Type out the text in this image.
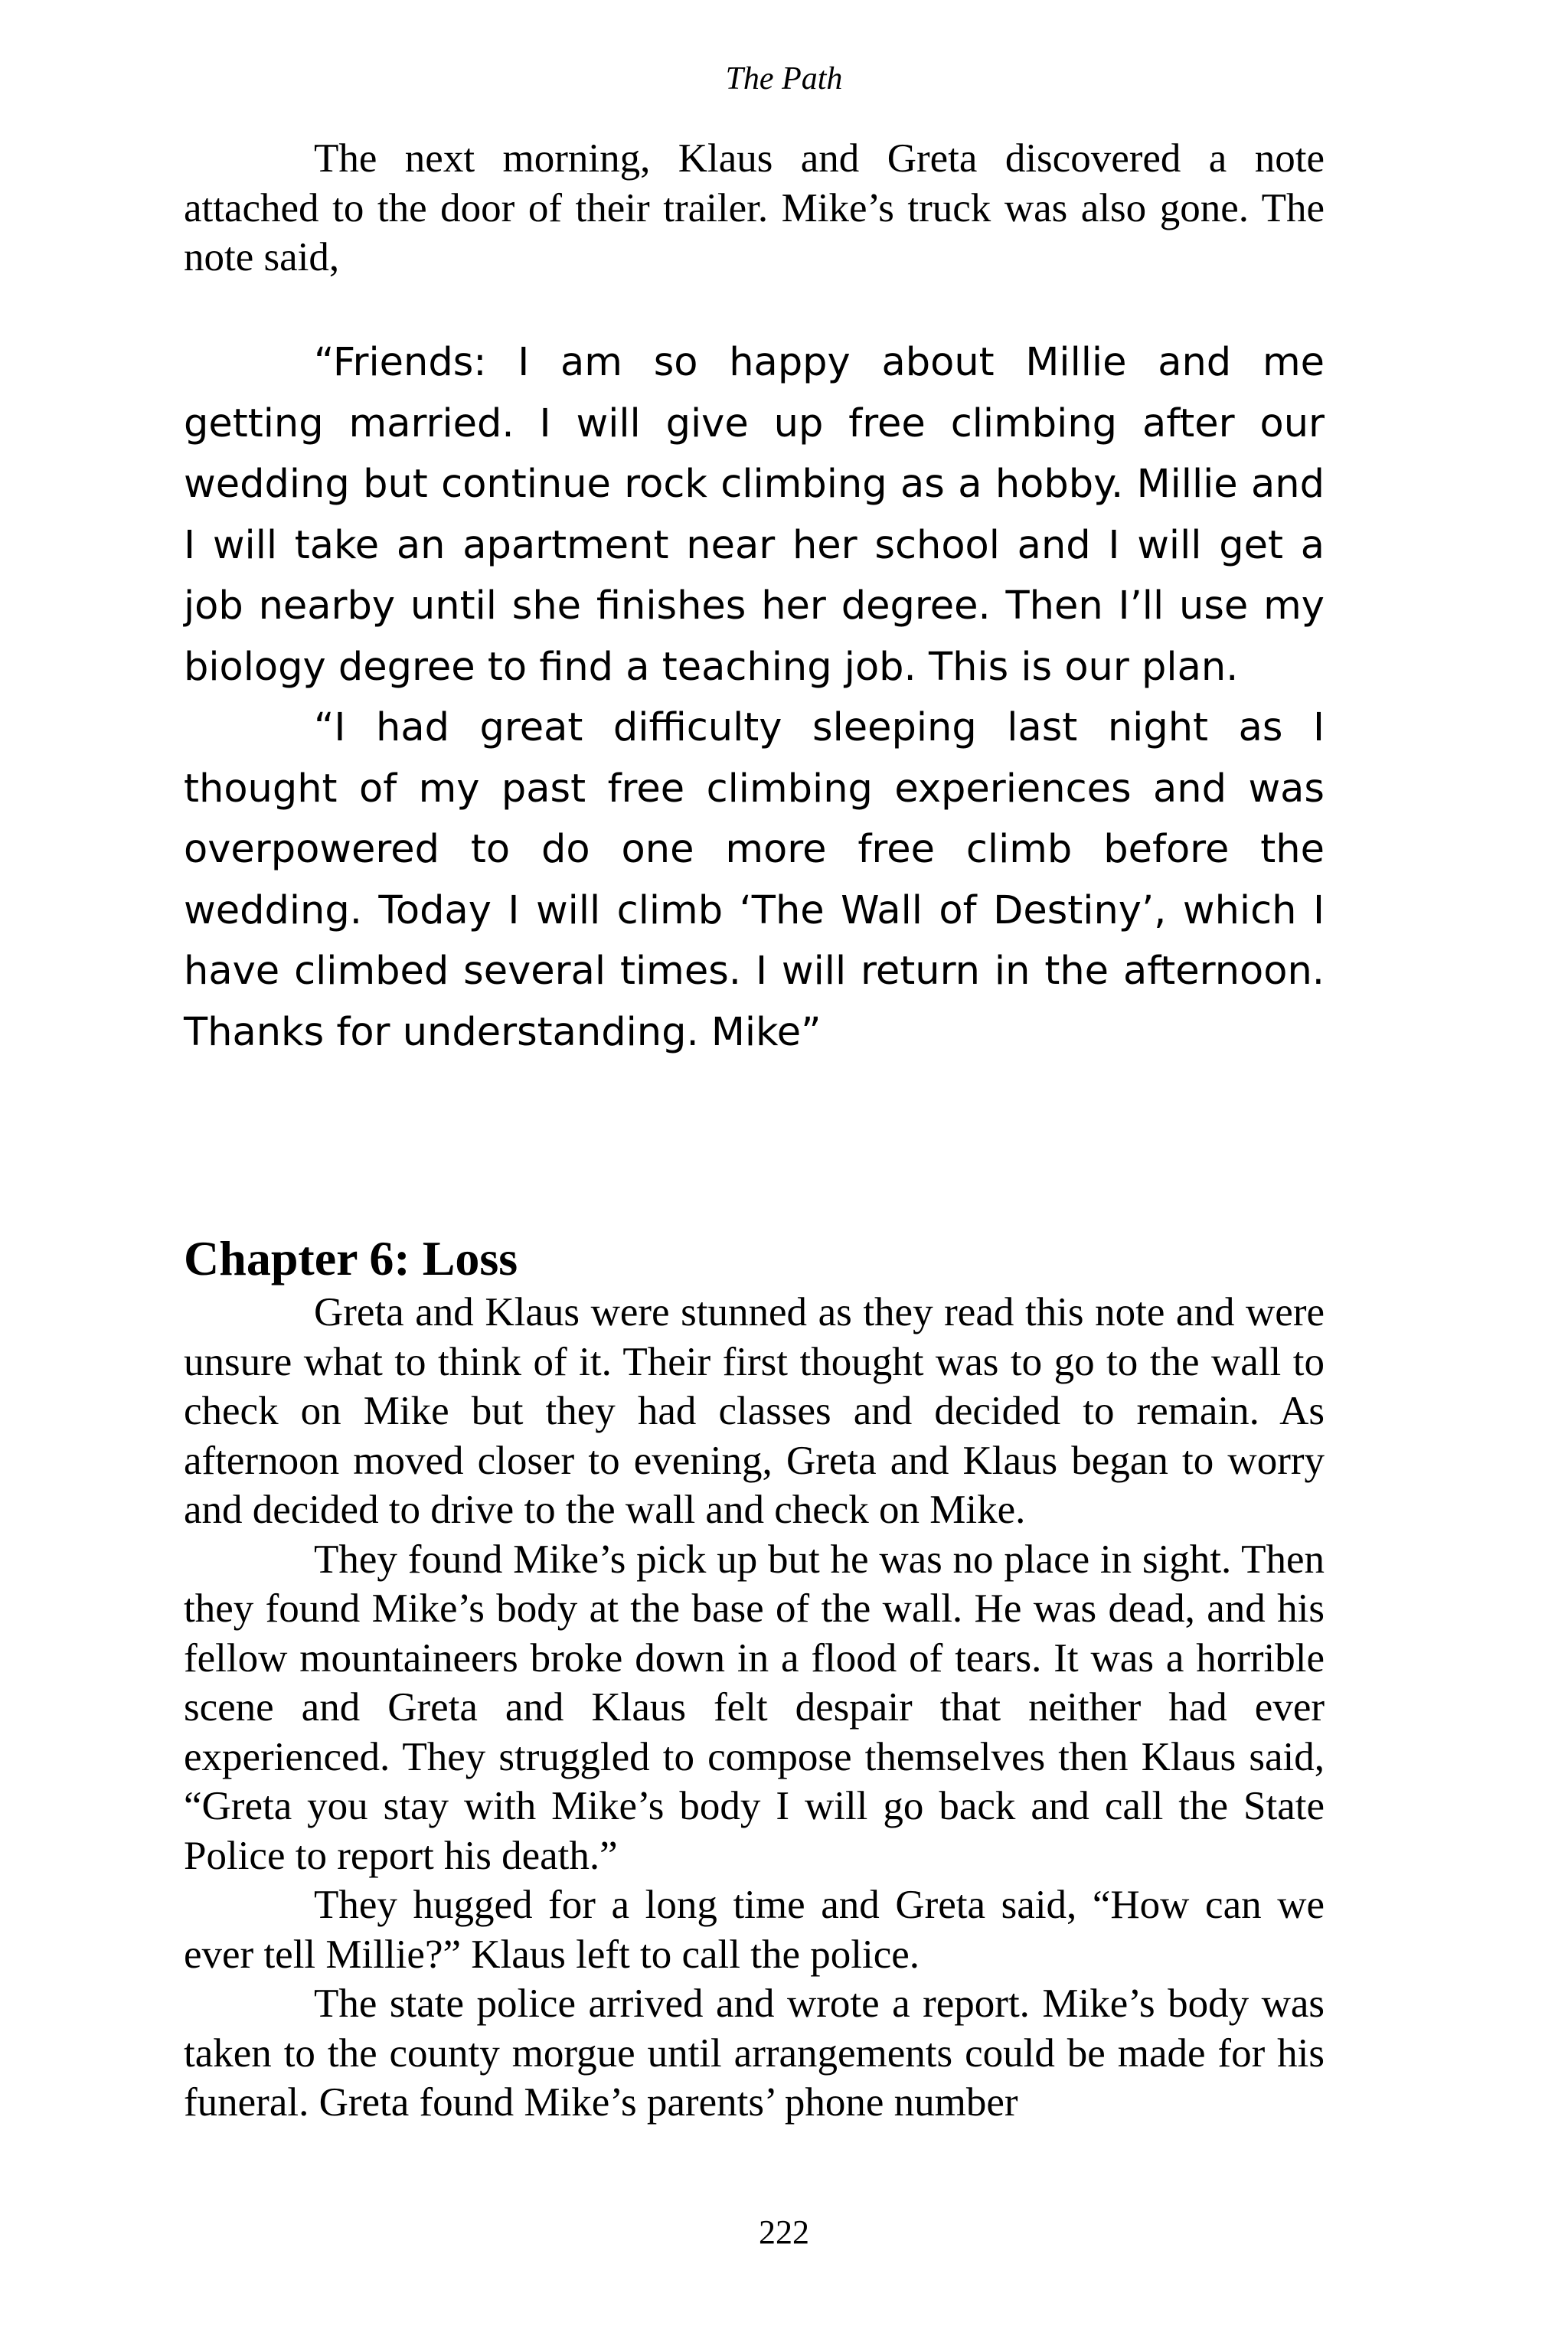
The Path

The next morning, Klaus and Greta discovered a note attached to the door of their trailer. Mike’s truck was also gone. The note said,

“Friends: I am so happy about Millie and me getting married. I will give up free climbing after our wedding but continue rock climbing as a hobby. Millie and I will take an apartment near her school and I will get a job nearby until she finishes her degree. Then I’ll use my biology degree to find a teaching job. This is our plan.

“I had great difficulty sleeping last night as I thought of my past free climbing experiences and was overpowered to do one more free climb before the wedding. Today I will climb ‘The Wall of Destiny’, which I have climbed several times. I will return in the afternoon. Thanks for understanding. Mike”

Chapter 6: Loss

Greta and Klaus were stunned as they read this note and were unsure what to think of it. Their first thought was to go to the wall to check on Mike but they had classes and decided to remain. As afternoon moved closer to evening, Greta and Klaus began to worry and decided to drive to the wall and check on Mike.

They found Mike’s pick up but he was no place in sight. Then they found Mike’s body at the base of the wall. He was dead, and his fellow mountaineers broke down in a flood of tears. It was a horrible scene and Greta and Klaus felt despair that neither had ever experienced. They struggled to compose themselves then Klaus said, “Greta you stay with Mike’s body I will go back and call the State Police to report his death.”

They hugged for a long time and Greta said, “How can we ever tell Millie?” Klaus left to call the police.

The state police arrived and wrote a report. Mike’s body was taken to the county morgue until arrangements could be made for his funeral. Greta found Mike’s parents’ phone number

222
